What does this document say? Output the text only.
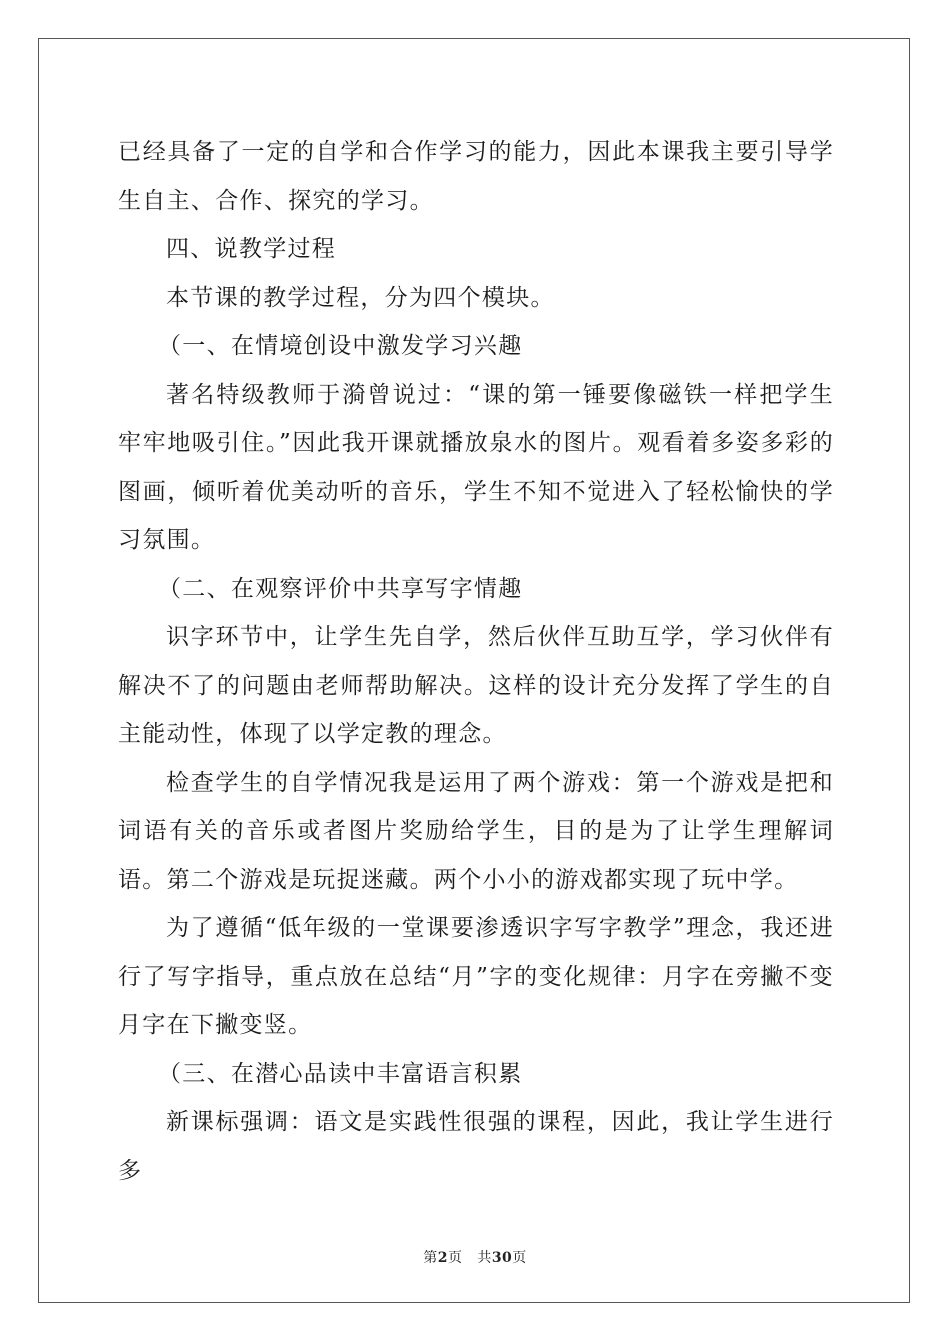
已经具备了一定的自学和合作学习的能力，因此本课我主要引导学生自主、合作、探究的学习。

四、说教学过程

本节课的教学过程，分为四个模块。

（一、在情境创设中激发学习兴趣

著名特级教师于漪曾说过：“课的第一锤要像磁铁一样把学生牢牢地吸引住。”因此我开课就播放泉水的图片。观看着多姿多彩的图画，倾听着优美动听的音乐，学生不知不觉进入了轻松愉快的学习氛围。

（二、在观察评价中共享写字情趣

识字环节中，让学生先自学，然后伙伴互助互学，学习伙伴有解决不了的问题由老师帮助解决。这样的设计充分发挥了学生的自主能动性，体现了以学定教的理念。

检查学生的自学情况我是运用了两个游戏：第一个游戏是把和词语有关的音乐或者图片奖励给学生，目的是为了让学生理解词语。第二个游戏是玩捉迷藏。两个小小的游戏都实现了玩中学。

为了遵循“低年级的一堂课要渗透识字写字教学”理念，我还进行了写字指导，重点放在总结“月”字的变化规律：月字在旁撇不变月字在下撇变竖。

（三、在潜心品读中丰富语言积累

新课标强调：语文是实践性很强的课程，因此，我让学生进行多

第2页 共30页
